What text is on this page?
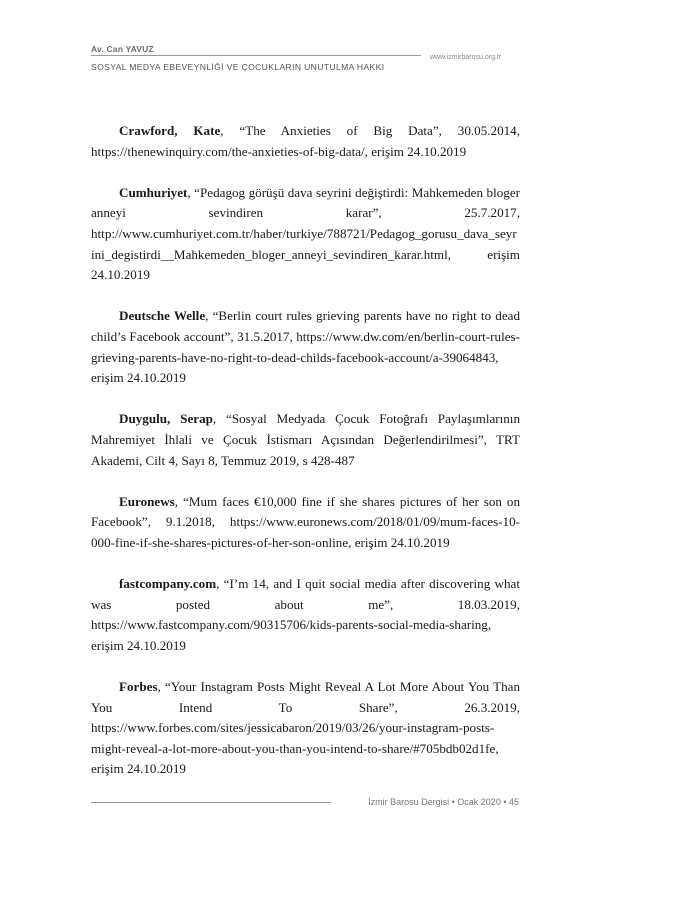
Av. Can YAVUZ
www.izmirbarosu.org.tr
SOSYAL MEDYA EBEVEYNLİĞİ VE ÇOCUKLARIN UNUTULMA HAKKI

Crawford, Kate, “The Anxieties of Big Data”, 30.05.2014, https://thenewinquiry.com/the-anxieties-of-big-data/, erişim 24.10.2019

Cumhuriyet, “Pedagog görüşü dava seyrini değiştirdi: Mahkemeden bloger anneyi sevindiren karar”, 25.7.2017, http://www.cumhuriyet.com.tr/haber/turkiye/788721/Pedagog_gorusu_dava_seyrini_degistirdi__Mahkemeden_bloger_anneyi_sevindiren_karar.html, erişim 24.10.2019

Deutsche Welle, “Berlin court rules grieving parents have no right to dead child’s Facebook account”, 31.5.2017, https://www.dw.com/en/berlin-court-rules-grieving-parents-have-no-right-to-dead-childs-facebook-account/a-39064843, erişim 24.10.2019

Duygulu, Serap, “Sosyal Medyada Çocuk Fotoğrafı Paylaşımlarının Mahremiyet İhlali ve Çocuk İstismarı Açısından Değerlendirilmesi”, TRT Akademi, Cilt 4, Sayı 8, Temmuz 2019, s 428-487

Euronews, “Mum faces €10,000 fine if she shares pictures of her son on Facebook”, 9.1.2018, https://www.euronews.com/2018/01/09/mum-faces-10-000-fine-if-she-shares-pictures-of-her-son-online, erişim 24.10.2019

fastcompany.com, “I’m 14, and I quit social media after discovering what was posted about me”, 18.03.2019, https://www.fastcompany.com/90315706/kids-parents-social-media-sharing, erişim 24.10.2019

Forbes, “Your Instagram Posts Might Reveal A Lot More About You Than You Intend To Share”, 26.3.2019, https://www.forbes.com/sites/jessicabaron/2019/03/26/your-instagram-posts-might-reveal-a-lot-more-about-you-than-you-intend-to-share/#705bdb02d1fe, erişim 24.10.2019

İzmir Barosu Dergisi • Ocak 2020 • 45
